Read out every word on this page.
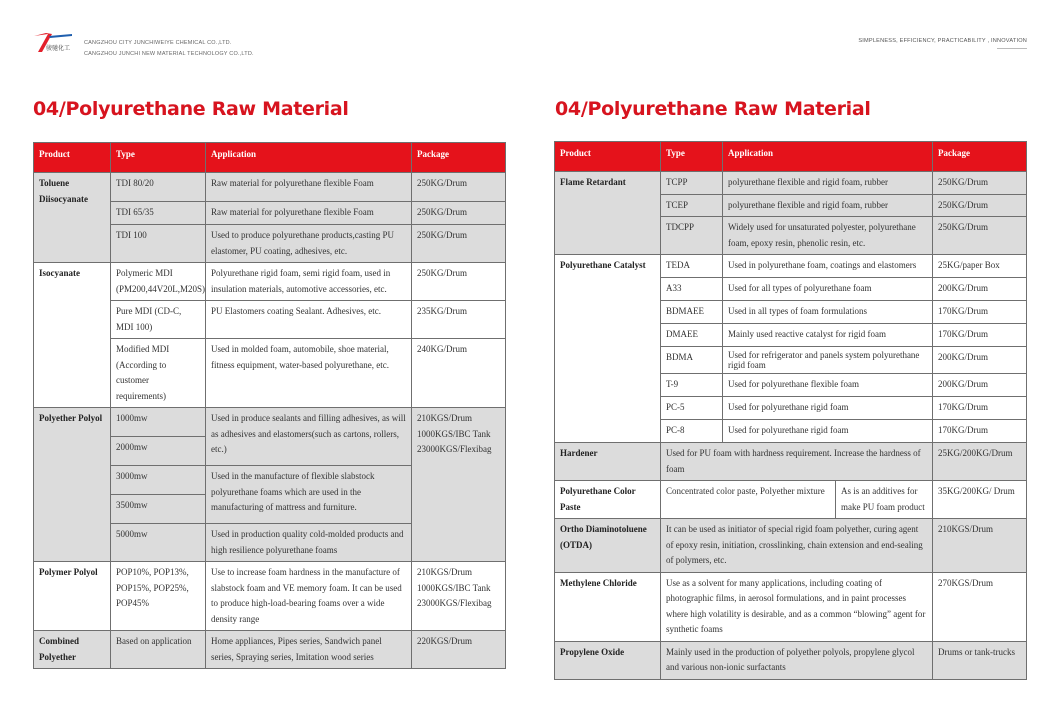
骏驰化工
CANGZHOU CITY JUNCHIWEIYE CHEMICAL CO.,LTD.
CANGZHOU JUNCHI NEW MATERIAL TECHNOLOGY CO.,LTD.
SIMPLENESS, EFFICIENCY, PRACTICABILITY , INNOVATION
04/Polyurethane Raw Material	04/Polyurethane Raw Material
Product	Type	Application	Package
Toluene Diisocyanate	TDI 80/20	Raw material for polyurethane flexible Foam	250KG/Drum
	TDI 65/35	Raw material for polyurethane flexible Foam	250KG/Drum
	TDI 100	Used to produce polyurethane products,casting PU elastomer, PU coating, adhesives, etc.	250KG/Drum
Isocyanate	Polymeric MDI (PM200,44V20L,M20S)	Polyurethane rigid foam, semi rigid foam, used in insulation materials, automotive accessories, etc.	250KG/Drum
	Pure MDI (CD-C, MDI 100)	PU Elastomers coating Sealant. Adhesives, etc.	235KG/Drum
	Modified MDI (According to customer requirements)	Used in molded foam, automobile, shoe material, fitness equipment, water-based polyurethane, etc.	240KG/Drum
Polyether Polyol	1000mw	Used in produce sealants and filling adhesives, as will as adhesives and elastomers(such as cartons, rollers, etc.)	210KGS/Drum 1000KGS/IBC Tank 23000KGS/Flexibag
	2000mw		
	3000mw	Used in the manufacture of flexible slabstock polyurethane foams which are used in the manufacturing of mattress and furniture.	
	3500mw		
	5000mw	Used in production quality cold-molded products and high resilience polyurethane foams	
Polymer Polyol	POP10%, POP13%, POP15%, POP25%, POP45%	Use to increase foam hardness in the manufacture of slabstock foam and VE memory foam. It can be used to produce high-load-bearing foams over a wide density range	210KGS/Drum 1000KGS/IBC Tank 23000KGS/Flexibag
Combined Polyether	Based on application	Home appliances, Pipes series, Sandwich panel series, Spraying series, Imitation wood series	220KGS/Drum
Product	Type	Application		Package
Flame Retardant	TCPP	polyurethane flexible and rigid foam, rubber		250KG/Drum
	TCEP	polyurethane flexible and rigid foam, rubber		250KG/Drum
	TDCPP	Widely used for unsaturated polyester, polyurethane foam, epoxy resin, phenolic resin, etc.		250KG/Drum
Polyurethane Catalyst	TEDA	Used in polyurethane foam, coatings and elastomers		25KG/paper Box
	A33	Used for all types of polyurethane foam		200KG/Drum
	BDMAEE	Used in all types of foam formulations		170KG/Drum
	DMAEE	Mainly used reactive catalyst for rigid foam		170KG/Drum
	BDMA	Used for refrigerator and panels system polyurethane rigid foam		200KG/Drum
	T-9	Used for polyurethane flexible foam		200KG/Drum
	PC-5	Used for polyurethane rigid foam		170KG/Drum
	PC-8	Used for polyurethane rigid foam		170KG/Drum
Hardener	Used for PU foam with hardness requirement. Increase the hardness of foam			25KG/200KG/Drum
Polyurethane Color Paste	Concentrated color paste, Polyether mixture		As is an additives for make PU foam product	35KG/200KG/ Drum
Ortho Diaminotoluene (OTDA)	It can be used as initiator of special rigid foam polyether, curing agent of epoxy resin, initiation, crosslinking, chain extension and end-sealing of polymers, etc.			210KGS/Drum
Methylene Chloride	Use as a solvent for many applications, including coating of photographic films, in aerosol formulations, and in paint processes where high volatility is desirable, and as a common “blowing” agent for synthetic foams			270KGS/Drum
Propylene Oxide	Mainly used in the production of polyether polyols, propylene glycol and various non-ionic surfactants			Drums or tank-trucks
